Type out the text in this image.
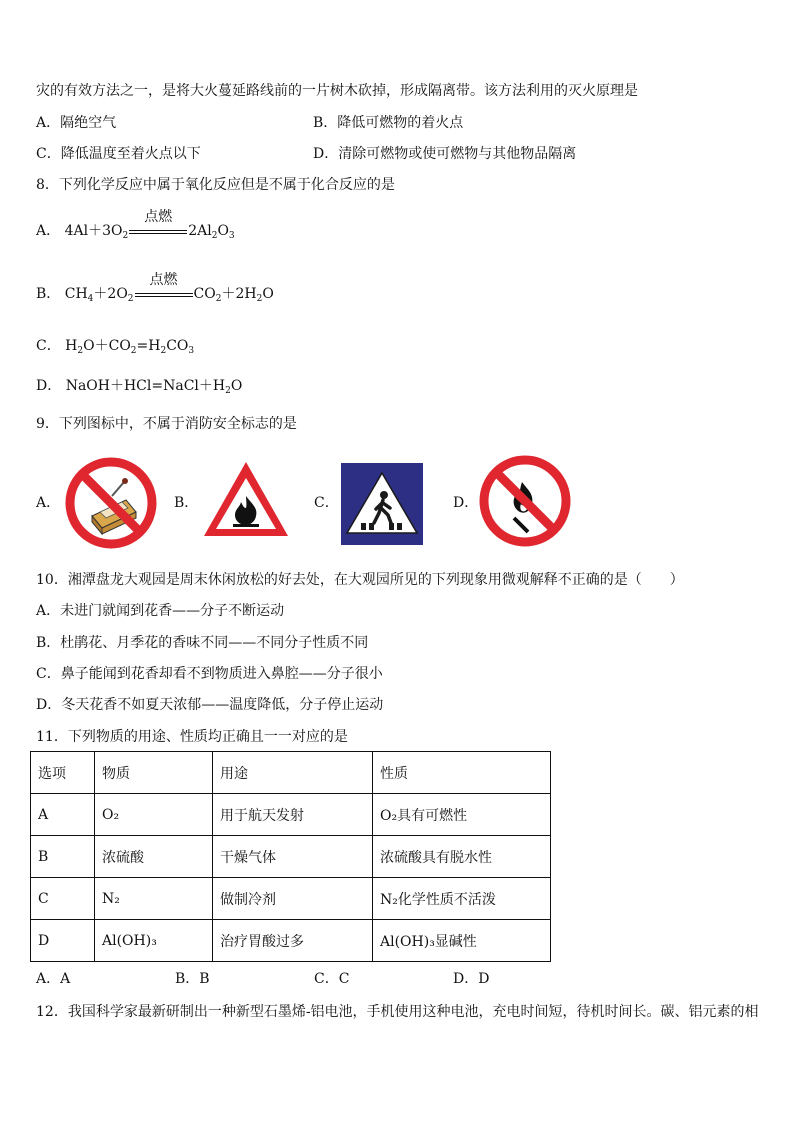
灾的有效方法之一，是将大火蔓延路线前的一片树木砍掉，形成隔离带。该方法利用的灭火原理是
A．隔绝空气	B．降低可燃物的着火点
C．降低温度至着火点以下	D．清除可燃物或使可燃物与其他物品隔离
8．下列化学反应中属于氧化反应但是不属于化合反应的是
A． $4Al+3O_2$
点燃
$2Al_2O_3$
B． $CH_4+2O_2$
点燃
$CO_2+2H_2O$
C． $H_2O+CO_2=H_2CO_3$
D． $NaOH+HCl=NaCl+H_2O$
9．下列图标中，不属于消防安全标志的是
A．	B．	C．	D．
10．湘潭盘龙大观园是周末休闲放松的好去处，在大观园所见的下列现象用微观解释不正确的是（　　）
A．未进门就闻到花香——分子不断运动
B．杜鹃花、月季花的香味不同——不同分子性质不同
C．鼻子能闻到花香却看不到物质进入鼻腔——分子很小
D．冬天花香不如夏天浓郁——温度降低，分子停止运动
11．下列物质的用途、性质均正确且一一对应的是
选项	物质	用途	性质
A	O₂	用于航天发射	O₂具有可燃性
B	浓硫酸	干燥气体	浓硫酸具有脱水性
C	N₂	做制冷剂	N₂化学性质不活泼
D	Al(OH)₃	治疗胃酸过多	Al(OH)₃显碱性
A．A	B．B	C．C	D．D
12．我国科学家最新研制出一种新型石墨烯-铝电池，手机使用这种电池，充电时间短，待机时间长。碳、铝元素的相
